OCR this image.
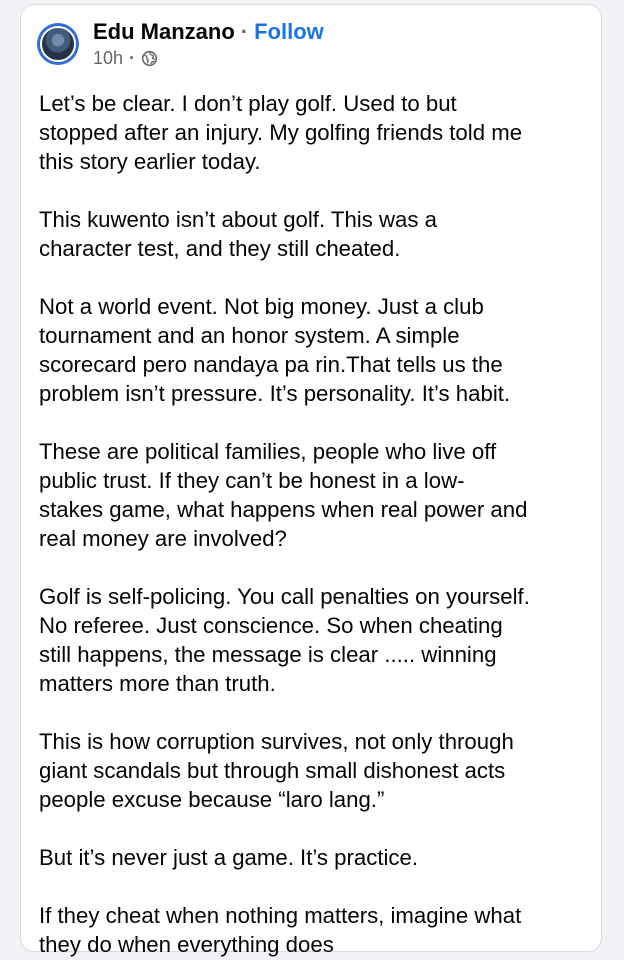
Edu Manzano · Follow
10h ·
Let’s be clear. I don’t play golf. Used to but
stopped after an injury. My golfing friends told me
this story earlier today.
This kuwento isn’t about golf. This was a
character test, and they still cheated.
Not a world event. Not big money. Just a club
tournament and an honor system. A simple
scorecard pero nandaya pa rin.That tells us the
problem isn’t pressure. It’s personality. It’s habit.
These are political families, people who live off
public trust. If they can’t be honest in a low-
stakes game, what happens when real power and
real money are involved?
Golf is self-policing. You call penalties on yourself.
No referee. Just conscience. So when cheating
still happens, the message is clear ..... winning
matters more than truth.
This is how corruption survives, not only through
giant scandals but through small dishonest acts
people excuse because “laro lang.”
But it’s never just a game. It’s practice.
If they cheat when nothing matters, imagine what
they do when everything does
